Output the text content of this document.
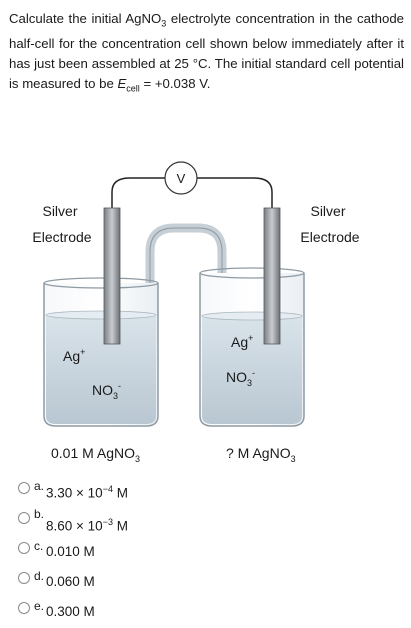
Calculate the initial AgNO$_3$ electrolyte concentration in the cathode half-cell for the concentration cell shown below immediately after it has just been assembled at 25 °C. The initial standard cell potential is measured to be $E_{cell} = +0.038$ V.
V
Silver
Electrode
Silver
Electrode
Ag+
$NO_3^-$
Ag+
$NO_3^-$
0.01 M AgNO$_3$	? M AgNO$_3$
a. $3.30 \times 10^{-4}$ M
b.
$8.60 \times 10^{-3}$ M
c. 0.010 M
d. 0.060 M
e. 0.300 M
